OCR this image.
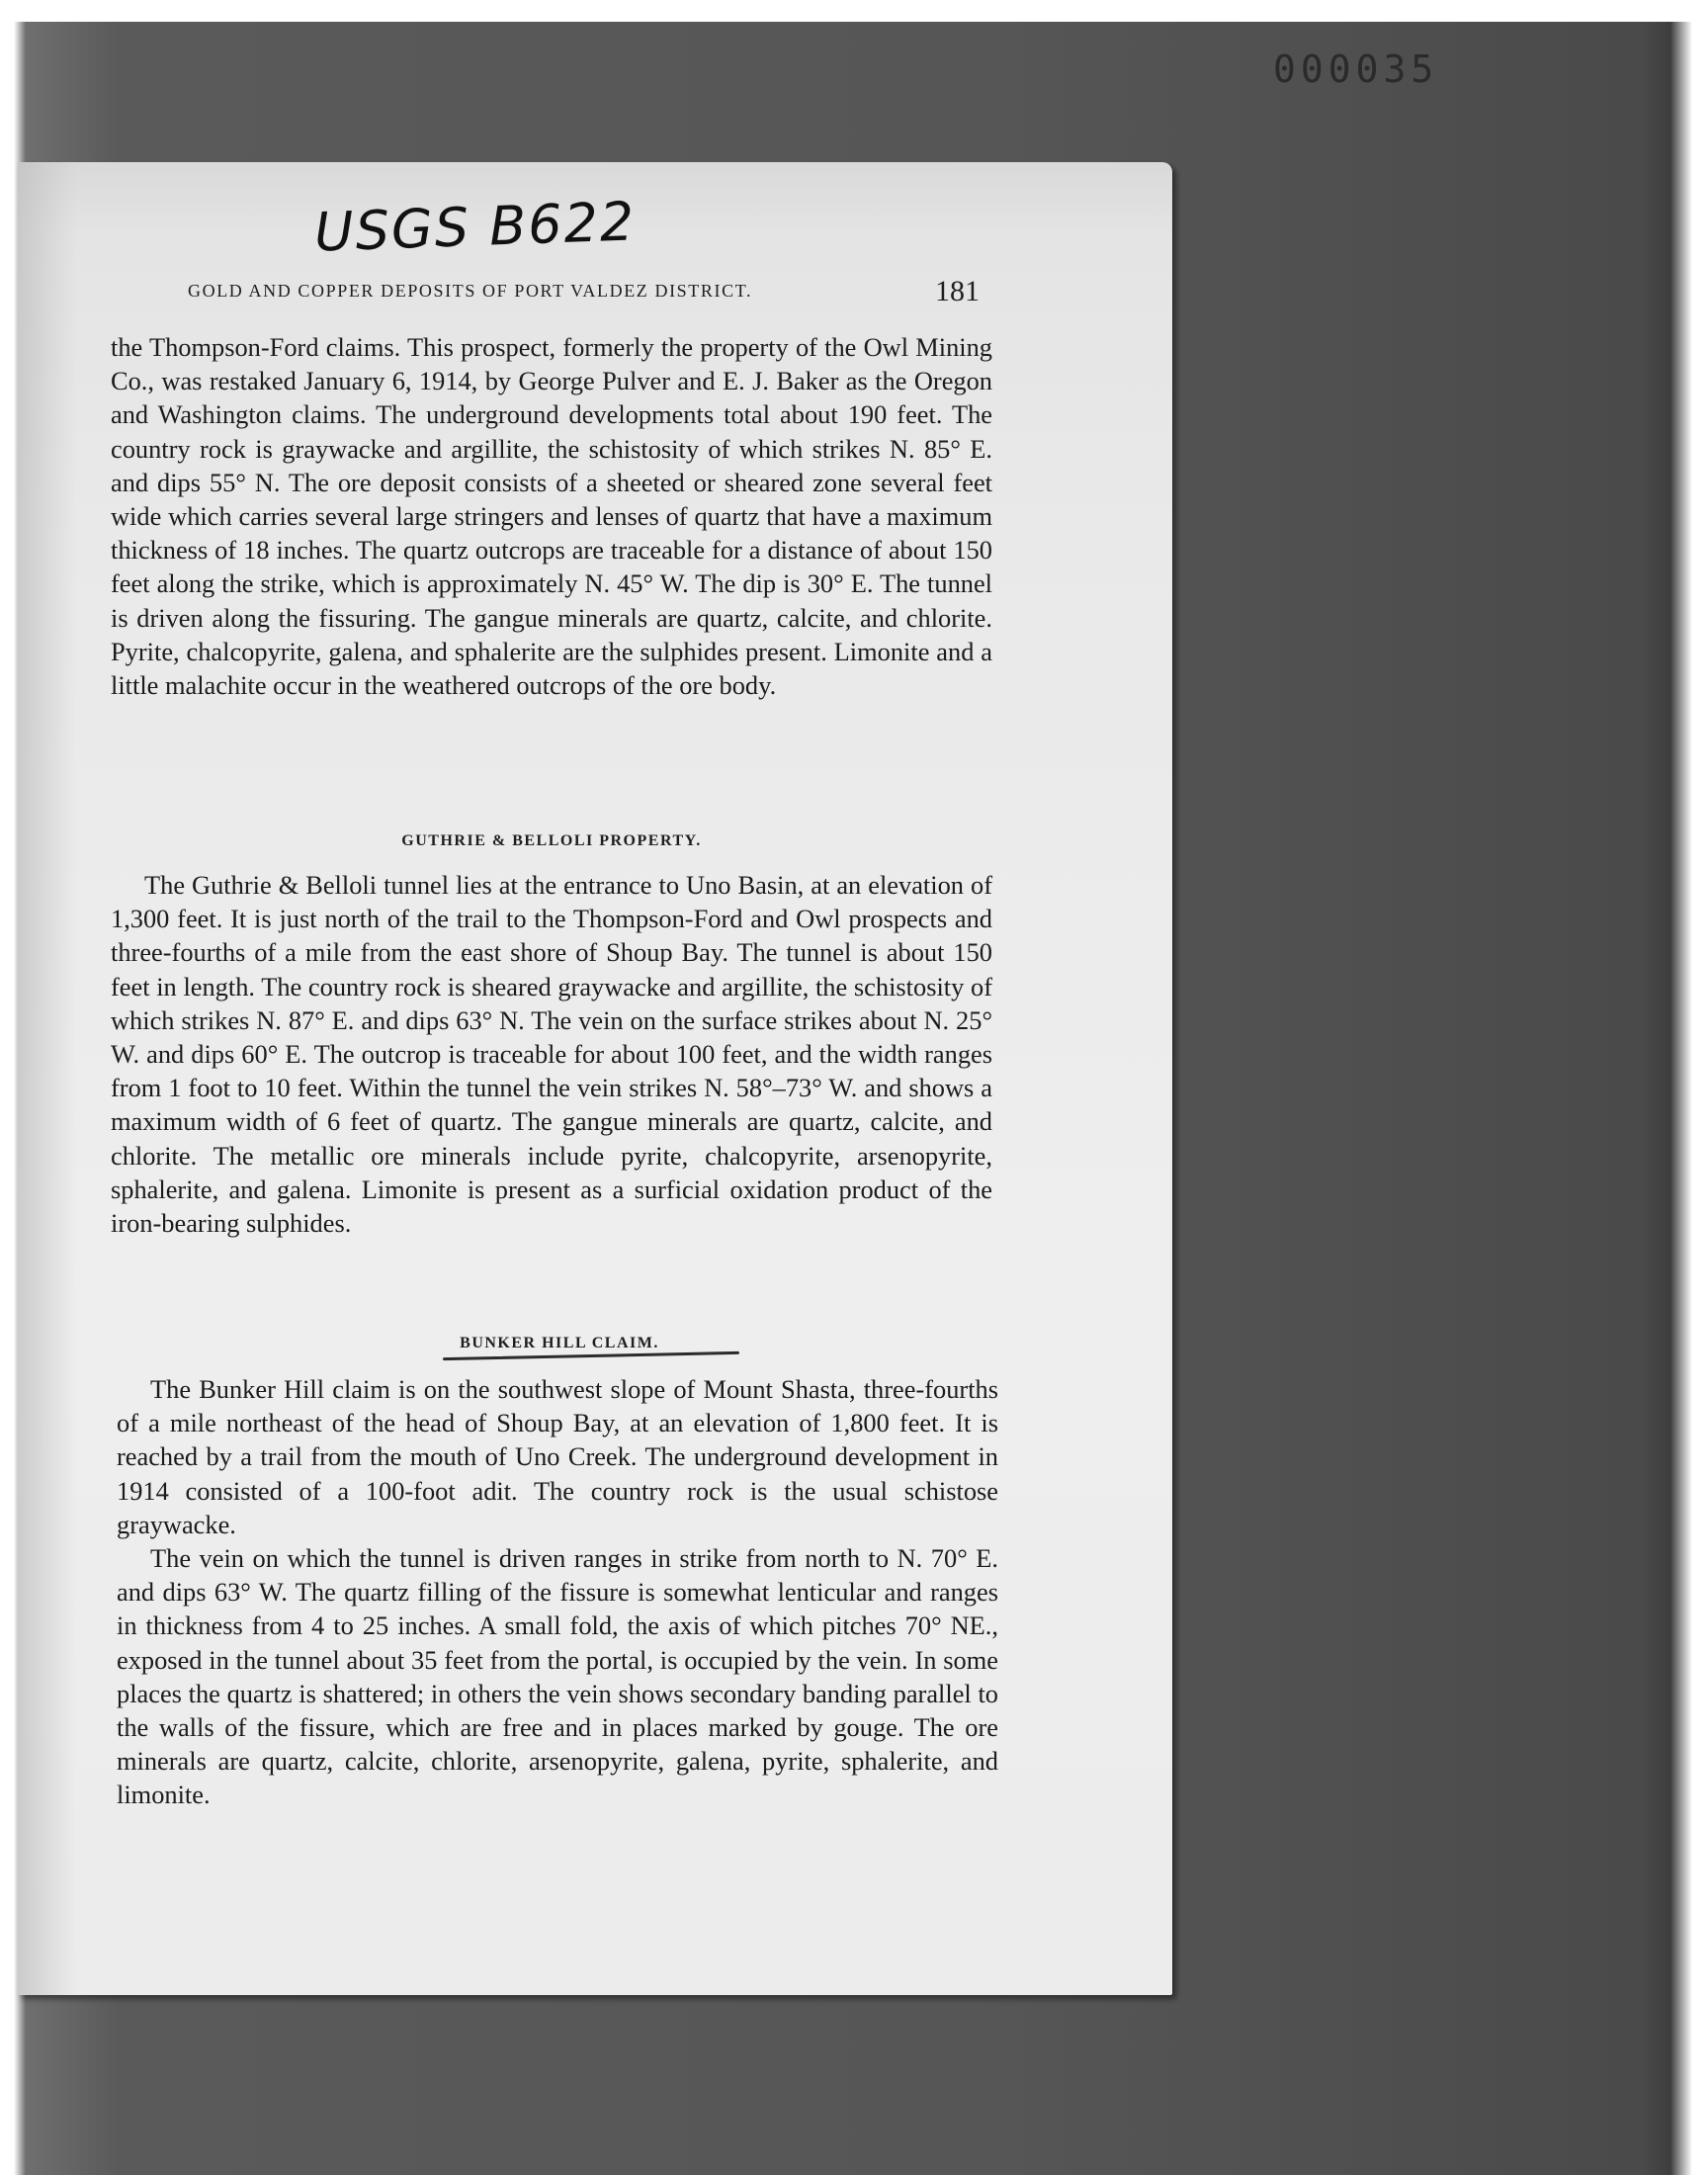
000035
USGS B622
GOLD AND COPPER DEPOSITS OF PORT VALDEZ DISTRICT.	181

the Thompson-Ford claims. This prospect, formerly the property of the Owl Mining Co., was restaked January 6, 1914, by George Pulver and E. J. Baker as the Oregon and Washington claims. The underground developments total about 190 feet. The country rock is graywacke and argillite, the schistosity of which strikes N. 85° E. and dips 55° N. The ore deposit consists of a sheeted or sheared zone several feet wide which carries several large stringers and lenses of quartz that have a maximum thickness of 18 inches. The quartz outcrops are traceable for a distance of about 150 feet along the strike, which is approximately N. 45° W. The dip is 30° E. The tunnel is driven along the fissuring. The gangue minerals are quartz, calcite, and chlorite. Pyrite, chalcopyrite, galena, and sphalerite are the sulphides present. Limonite and a little malachite occur in the weathered outcrops of the ore body.

GUTHRIE & BELLOLI PROPERTY.

The Guthrie & Belloli tunnel lies at the entrance to Uno Basin, at an elevation of 1,300 feet. It is just north of the trail to the Thompson-Ford and Owl prospects and three-fourths of a mile from the east shore of Shoup Bay. The tunnel is about 150 feet in length. The country rock is sheared graywacke and argillite, the schistosity of which strikes N. 87° E. and dips 63° N. The vein on the surface strikes about N. 25° W. and dips 60° E. The outcrop is traceable for about 100 feet, and the width ranges from 1 foot to 10 feet. Within the tunnel the vein strikes N. 58°–73° W. and shows a maximum width of 6 feet of quartz. The gangue minerals are quartz, calcite, and chlorite. The metallic ore minerals include pyrite, chalcopyrite, arsenopyrite, sphalerite, and galena. Limonite is present as a surficial oxidation product of the iron-bearing sulphides.

BUNKER HILL CLAIM.

The Bunker Hill claim is on the southwest slope of Mount Shasta, three-fourths of a mile northeast of the head of Shoup Bay, at an elevation of 1,800 feet. It is reached by a trail from the mouth of Uno Creek. The underground development in 1914 consisted of a 100-foot adit. The country rock is the usual schistose graywacke.

The vein on which the tunnel is driven ranges in strike from north to N. 70° E. and dips 63° W. The quartz filling of the fissure is somewhat lenticular and ranges in thickness from 4 to 25 inches. A small fold, the axis of which pitches 70° NE., exposed in the tunnel about 35 feet from the portal, is occupied by the vein. In some places the quartz is shattered; in others the vein shows secondary banding parallel to the walls of the fissure, which are free and in places marked by gouge. The ore minerals are quartz, calcite, chlorite, arsenopyrite, galena, pyrite, sphalerite, and limonite.
